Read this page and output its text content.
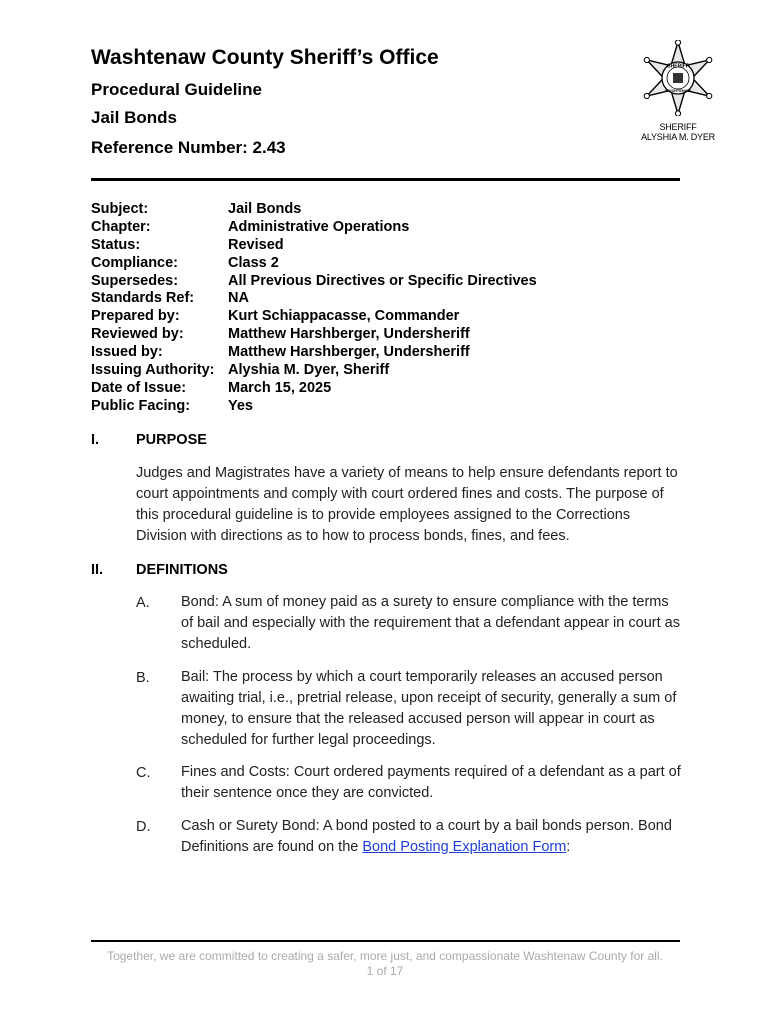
Washtenaw County Sheriff’s Office
Procedural Guideline
Jail Bonds
Reference Number: 2.43
SHERIFF
WASHTENAW
SHERIFF
ALYSHIA M. DYER
Subject:	Jail Bonds
Chapter:	Administrative Operations
Status:	Revised
Compliance:	Class 2
Supersedes:	All Previous Directives or Specific Directives
Standards Ref: NA
Prepared by:	Kurt Schiappacasse, Commander
Reviewed by:	Matthew Harshberger, Undersheriff
Issued by:	Matthew Harshberger, Undersheriff
Issuing Authority: Alyshia M. Dyer, Sheriff
Date of Issue:	March 15, 2025
Public Facing:	Yes
I.	PURPOSE
Judges and Magistrates have a variety of means to help ensure defendants report to court appointments and comply with court ordered fines and costs. The purpose of this procedural guideline is to provide employees assigned to the Corrections Division with directions as to how to process bonds, fines, and fees.
II. DEFINITIONS
A. Bond: A sum of money paid as a surety to ensure compliance with the terms of bail and especially with the requirement that a defendant appear in court as scheduled.
B. Bail: The process by which a court temporarily releases an accused person awaiting trial, i.e., pretrial release, upon receipt of security, generally a sum of money, to ensure that the released accused person will appear in court as scheduled for further legal proceedings.
C. Fines and Costs: Court ordered payments required of a defendant as a part of their sentence once they are convicted.
D. Cash or Surety Bond: A bond posted to a court by a bail bonds person. Bond Definitions are found on the Bond Posting Explanation Form:
Together, we are committed to creating a safer, more just, and compassionate Washtenaw County for all.
1 of 17
